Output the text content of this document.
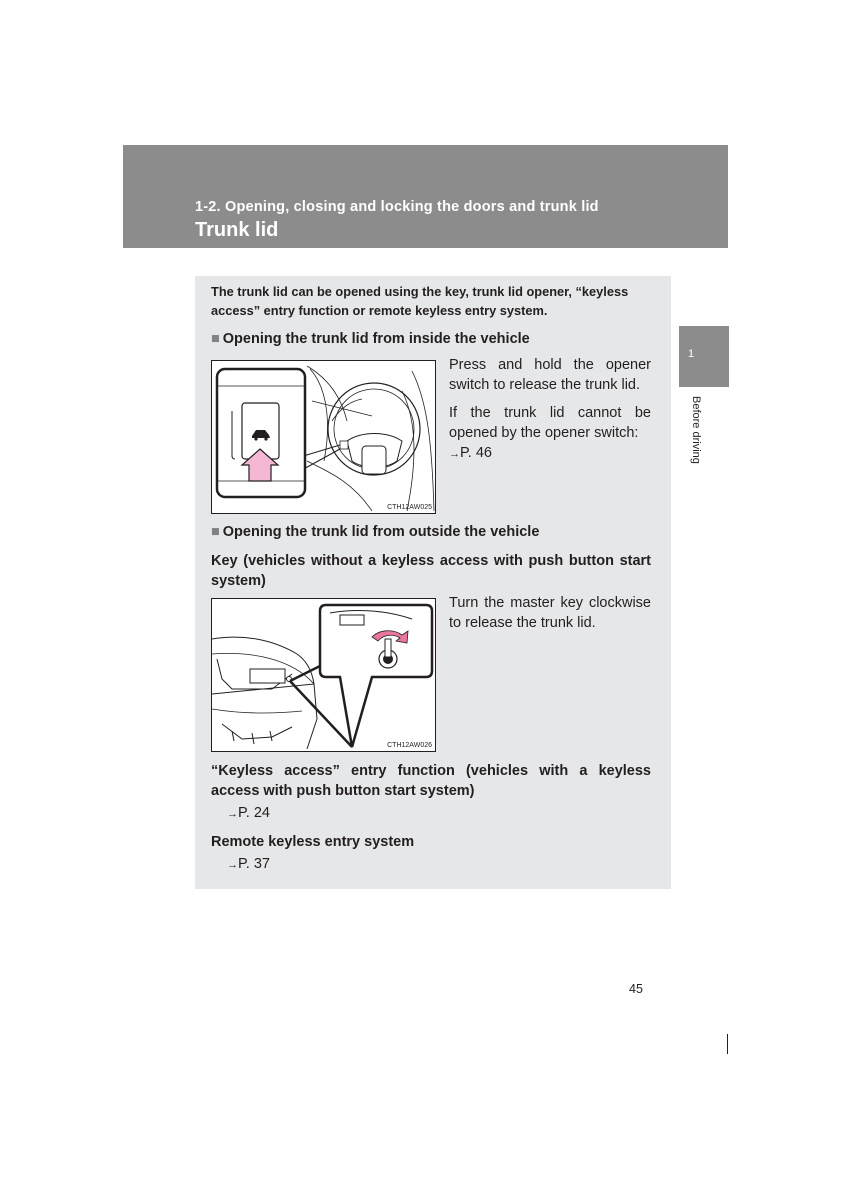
1-2. Opening, closing and locking the doors and trunk lid
Trunk lid
The trunk lid can be opened using the key, trunk lid opener, “keyless access” entry function or remote keyless entry system.
■ Opening the trunk lid from inside the vehicle
CTH12AW025

Press and hold the opener switch to release the trunk lid.

If the trunk lid cannot be opened by the opener switch:

→P. 46
■ Opening the trunk lid from outside the vehicle
Key (vehicles without a keyless access with push button start system)
CTH12AW026
Turn the master key clockwise to release the trunk lid.
“Keyless access” entry function (vehicles with a keyless access with push button start system)
→P. 24
Remote keyless entry system
→P. 37
1
Before driving
45
